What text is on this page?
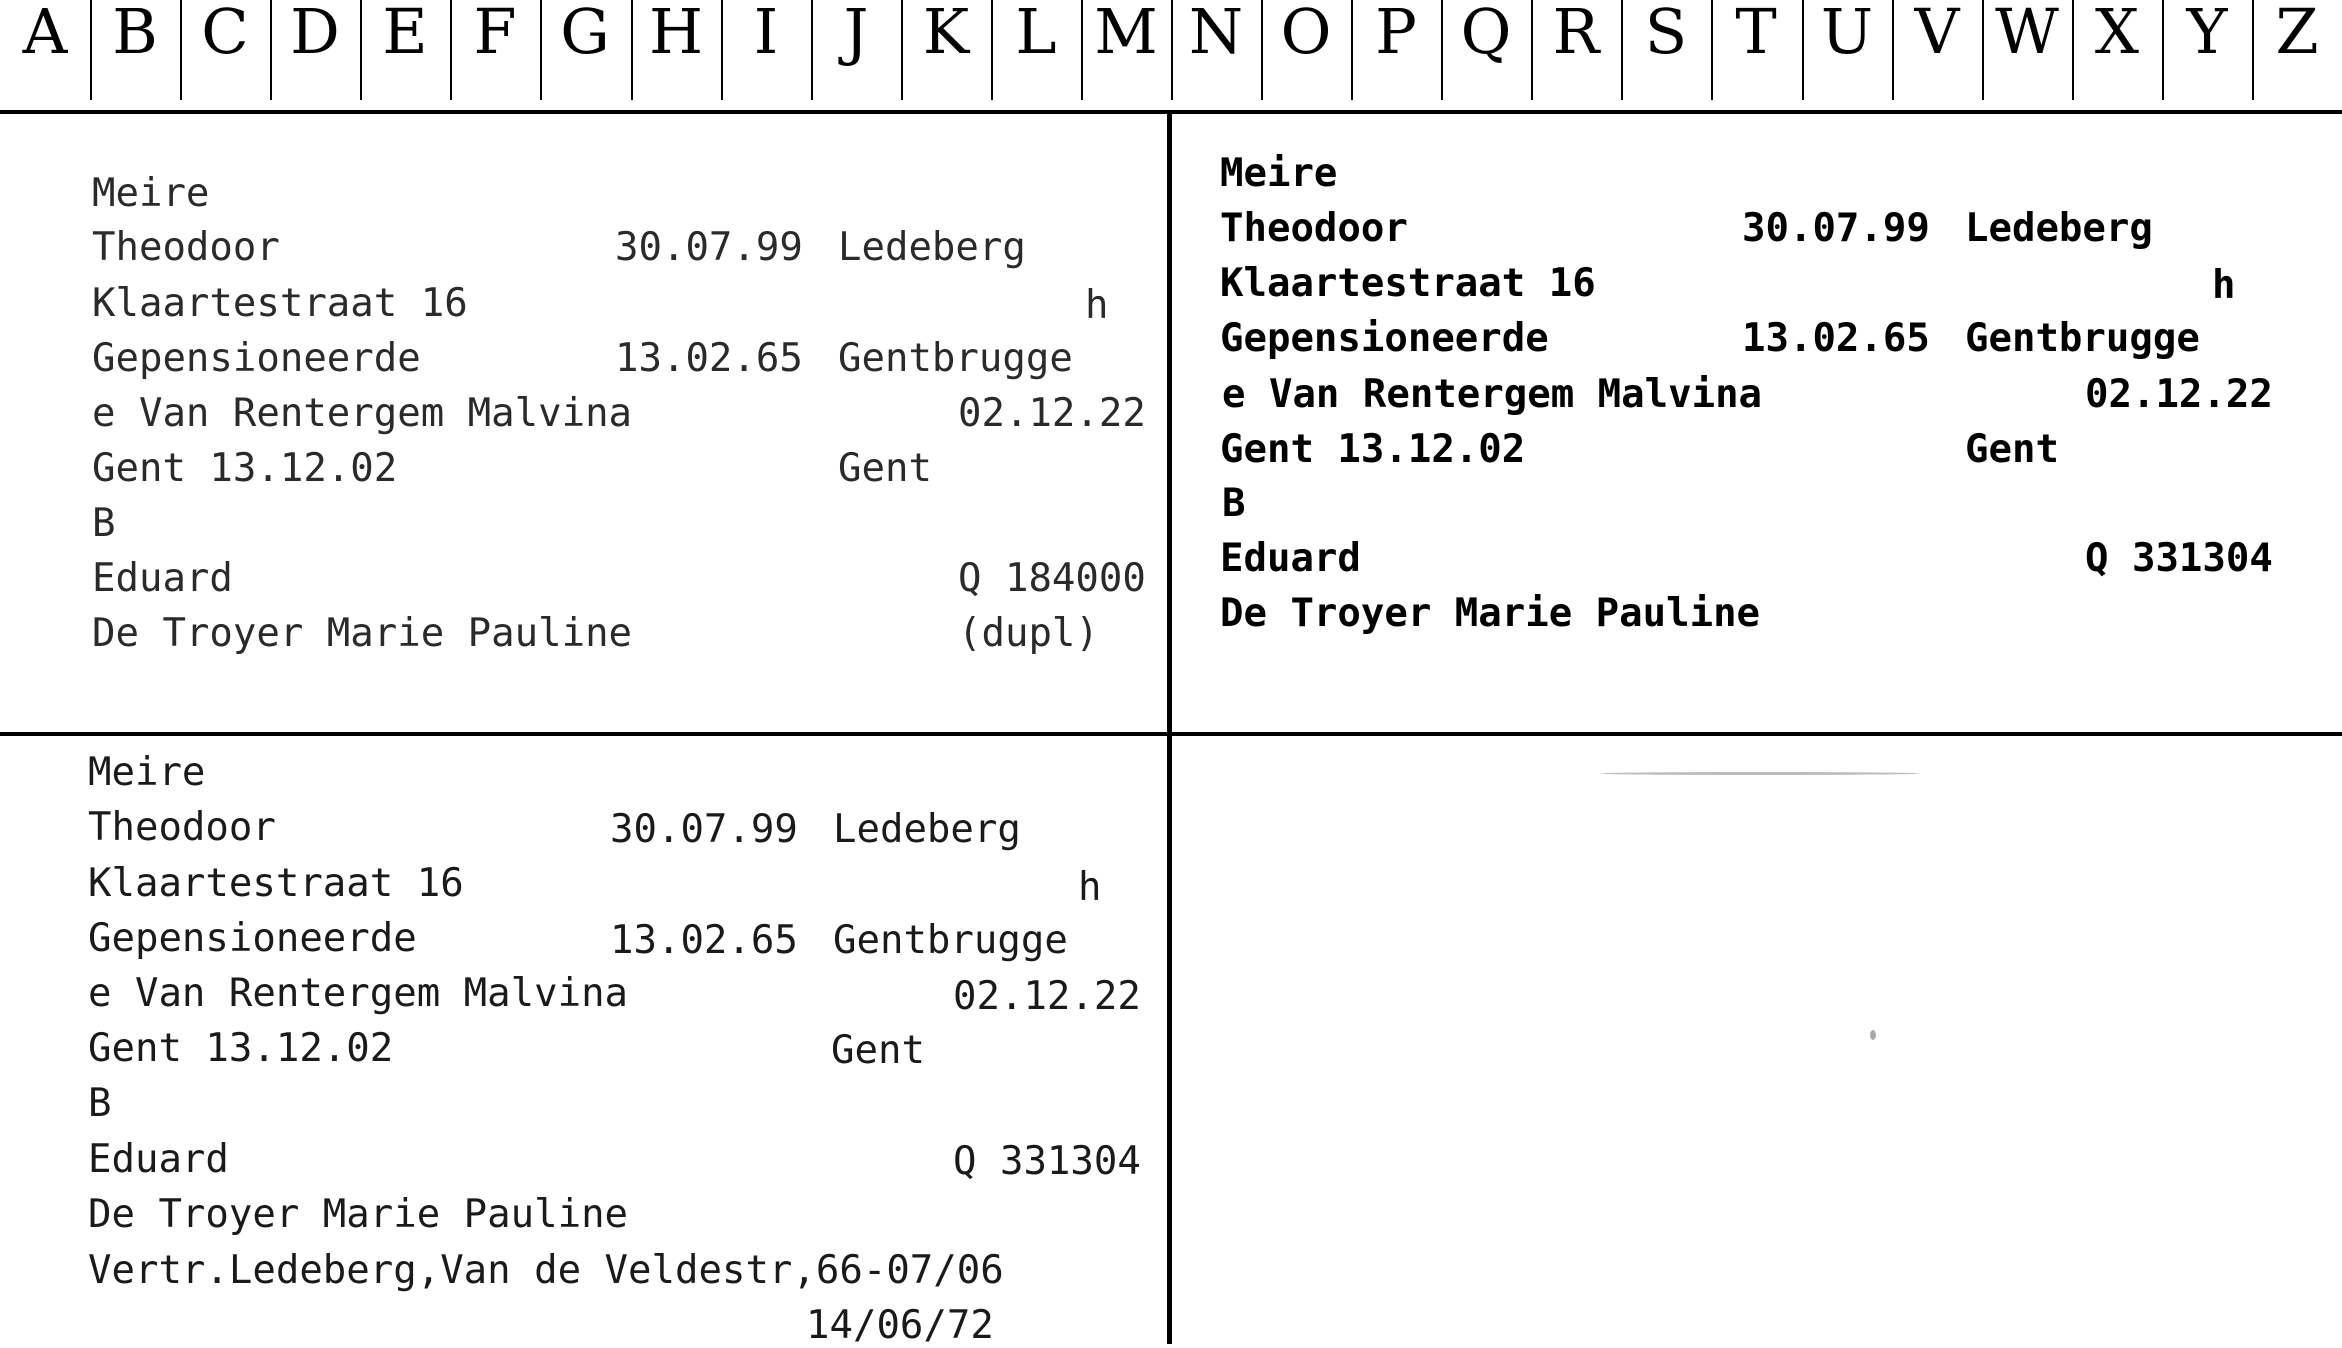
A B C D E F G H I	J K L M N O P Q R S T U V W X Y Z
Meire
Theodoor	30.07.99 Ledeberg
Klaartestraat 16	h
Gepensioneerde	13.02.65 Gentbrugge
e Van Rentergem Malvina	02.12.22
Gent 13.12.02	Gent
B
Eduard	Q 184000
De Troyer Marie Pauline	(dupl)
Meire
Theodoor	30.07.99 Ledeberg
Klaartestraat 16	h
Gepensioneerde	13.02.65 Gentbrugge
e Van Rentergem Malvina	02.12.22
Gent 13.12.02	Gent
B
Eduard	Q 331304
De Troyer Marie Pauline
Meire
Theodoor	30.07.99 Ledeberg
Klaartestraat 16	h
Gepensioneerde	13.02.65 Gentbrugge
e Van Rentergem Malvina	02.12.22
Gent 13.12.02	Gent
B
Eduard	Q 331304
De Troyer Marie Pauline
Vertr.Ledeberg,Van de Veldestr,66-07/06
14/06/72
